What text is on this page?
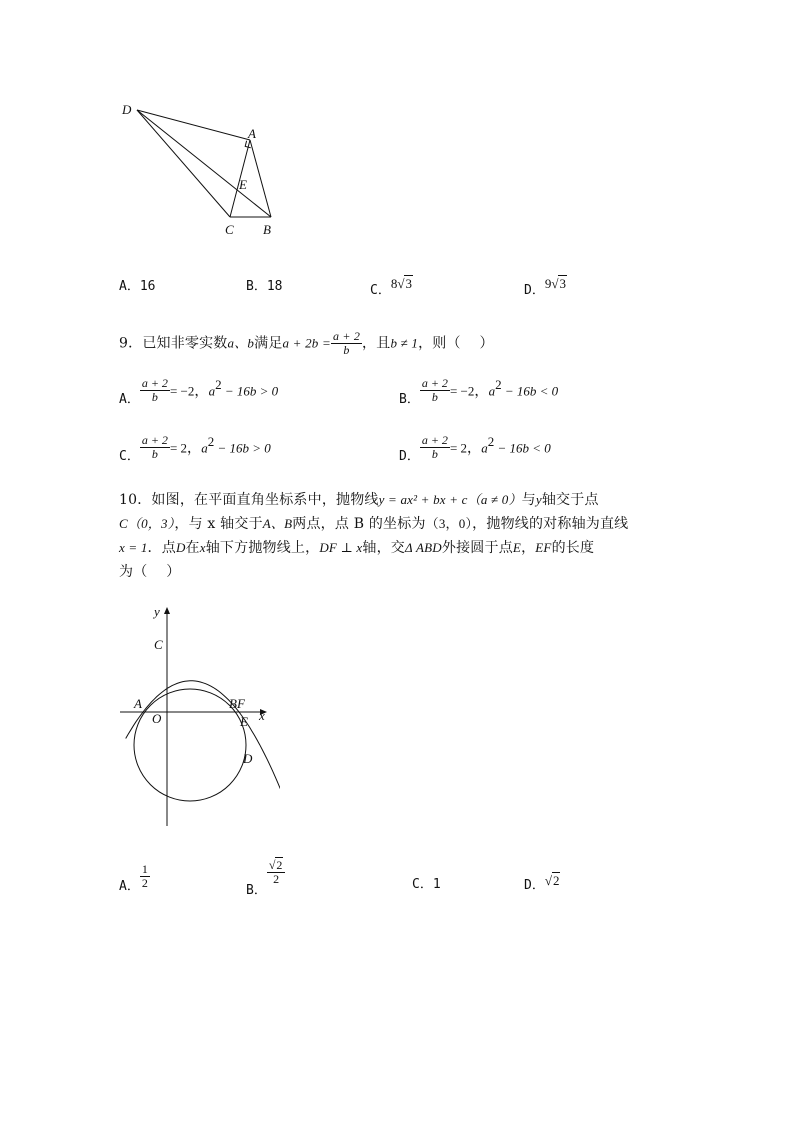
D
A
E
C B
A．16	B．18	C．8√3	D．9√3
9．已知非零实数a、b满足$a + 2b = \frac{a + 2}{b}$ ，且b ≠ 1，则（　 ）
$_{A.} \frac{a + 2}{b} = -2$，$a^2 - 16b > 0$
$_{B.} \frac{a + 2}{b} = -2$，$a^2 - 16b < 0$
$_{C.} \frac{a + 2}{b} = 2$，$a^2 - 16b > 0$
$_{D.} \frac{a + 2}{b} = 2$，$a^2 - 16b < 0$
10．如图，在平面直角坐标系中，抛物线y = ax² + bx + c（a ≠ 0）与y轴交于点
C（0，3），与 x 轴交于A、B两点，点 B 的坐标为（3，0），抛物线的对称轴为直线
x = 1．点D在x轴下方抛物线上，DF ⊥ x轴，交Δ ABD外接圆于点E，EF的长度
为（　 ）
y
C
A
O
BF
x
E
D
A． $\frac{1}{2}$
B．
$\frac{√2}{2}$	C．1	D．√2
